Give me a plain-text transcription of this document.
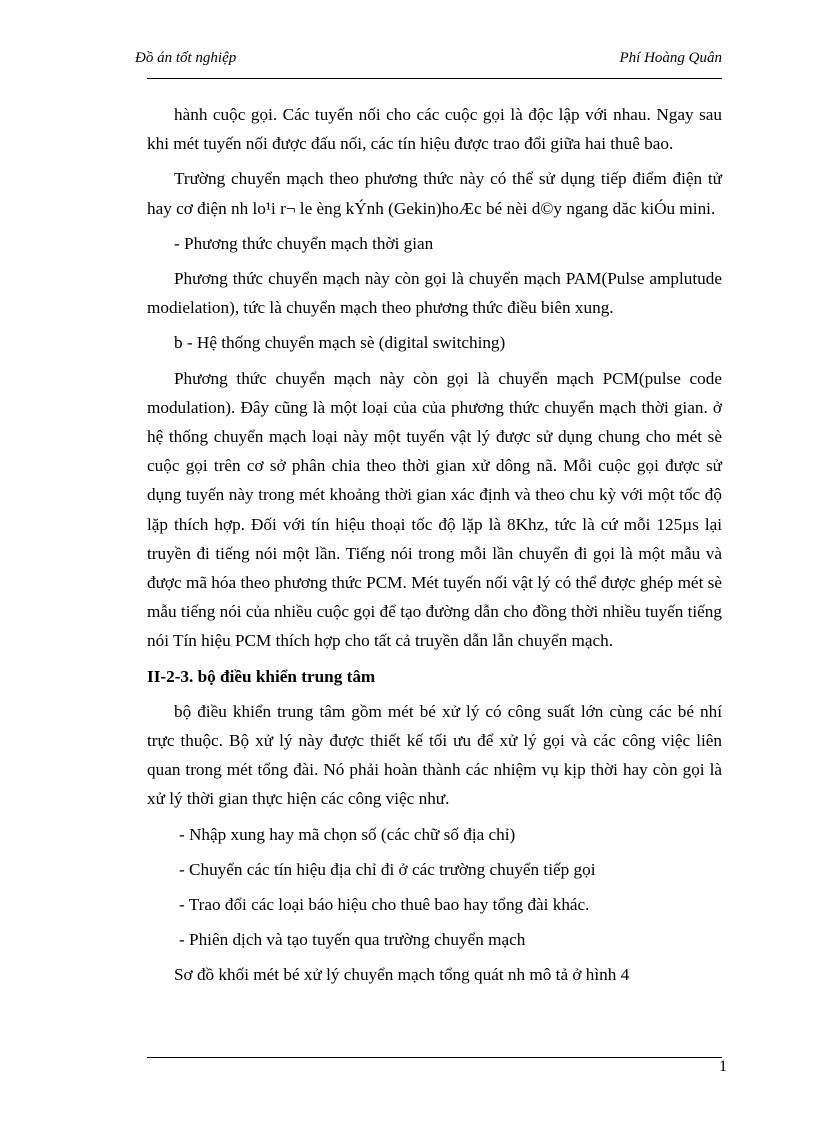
Đồ án tốt nghiệp	Phí Hoàng Quân

hành cuộc gọi. Các tuyến nối cho các cuộc gọi là độc lập với nhau. Ngay sau khi mét tuyến nối được đấu nối, các tín hiệu được trao đổi giữa hai thuê bao.

Trường chuyển mạch theo phương thức này có thể sử dụng tiếp điểm điện tử hay cơ điện nh lo¹i r¬ le èng kÝnh (Gekin)hoÆc bé nèi d©y ngang dăc kiÓu mini.

- Phương thức chuyển mạch thời gian

Phương thức chuyển mạch này còn gọi là chuyển mạch PAM(Pulse amplutude modielation), tức là chuyển mạch theo phương thức điều biên xung.

b - Hệ thống chuyển mạch sè (digital switching)

Phương thức chuyển mạch này còn gọi là chuyển mạch PCM(pulse code modulation). Đây cũng là một loại của của phương thức chuyển mạch thời gian. ở hệ thống chuyển mạch loại này một tuyến vật lý được sử dụng chung cho mét sè cuộc gọi trên cơ sở phân chia theo thời gian xử dông nã. Mỗi cuộc gọi được sử dụng tuyến này trong mét khoảng thời gian xác định và theo chu kỳ với một tốc độ lặp thích hợp. Đối với tín hiệu thoại tốc độ lặp là 8Khz, tức là cứ mỗi 125µs lại truyền đi tiếng nói một lần. Tiếng nói trong mỗi lần chuyển đi gọi là một mẫu và được mã hóa theo phương thức PCM. Mét tuyến nối vật lý có thể được ghép mét sè mẫu tiếng nói của nhiều cuộc gọi để tạo đường dẫn cho đồng thời nhiều tuyến tiếng nói Tín hiệu PCM thích hợp cho tất cả truyền dẫn lẫn chuyển mạch.

II-2-3. bộ điều khiển trung tâm

bộ điều khiển trung tâm gồm mét bé xử lý có công suất lớn cùng các bé nhí trực thuộc. Bộ xử lý này được thiết kế tối ưu để xử lý gọi và các công việc liên quan trong mét tổng đài. Nó phải hoàn thành các nhiệm vụ kịp thời hay còn gọi là xử lý thời gian thực hiện các công việc như.

- Nhập xung hay mã chọn số (các chữ số địa chỉ)

- Chuyển các tín hiệu địa chỉ đi ở các trường chuyển tiếp gọi

- Trao đổi các loại báo hiệu cho thuê bao hay tổng đài khác.

- Phiên dịch và tạo tuyến qua trường chuyển mạch

Sơ đồ khối mét bé xử lý chuyển mạch tổng quát nh mô tả ở hình 4

1
